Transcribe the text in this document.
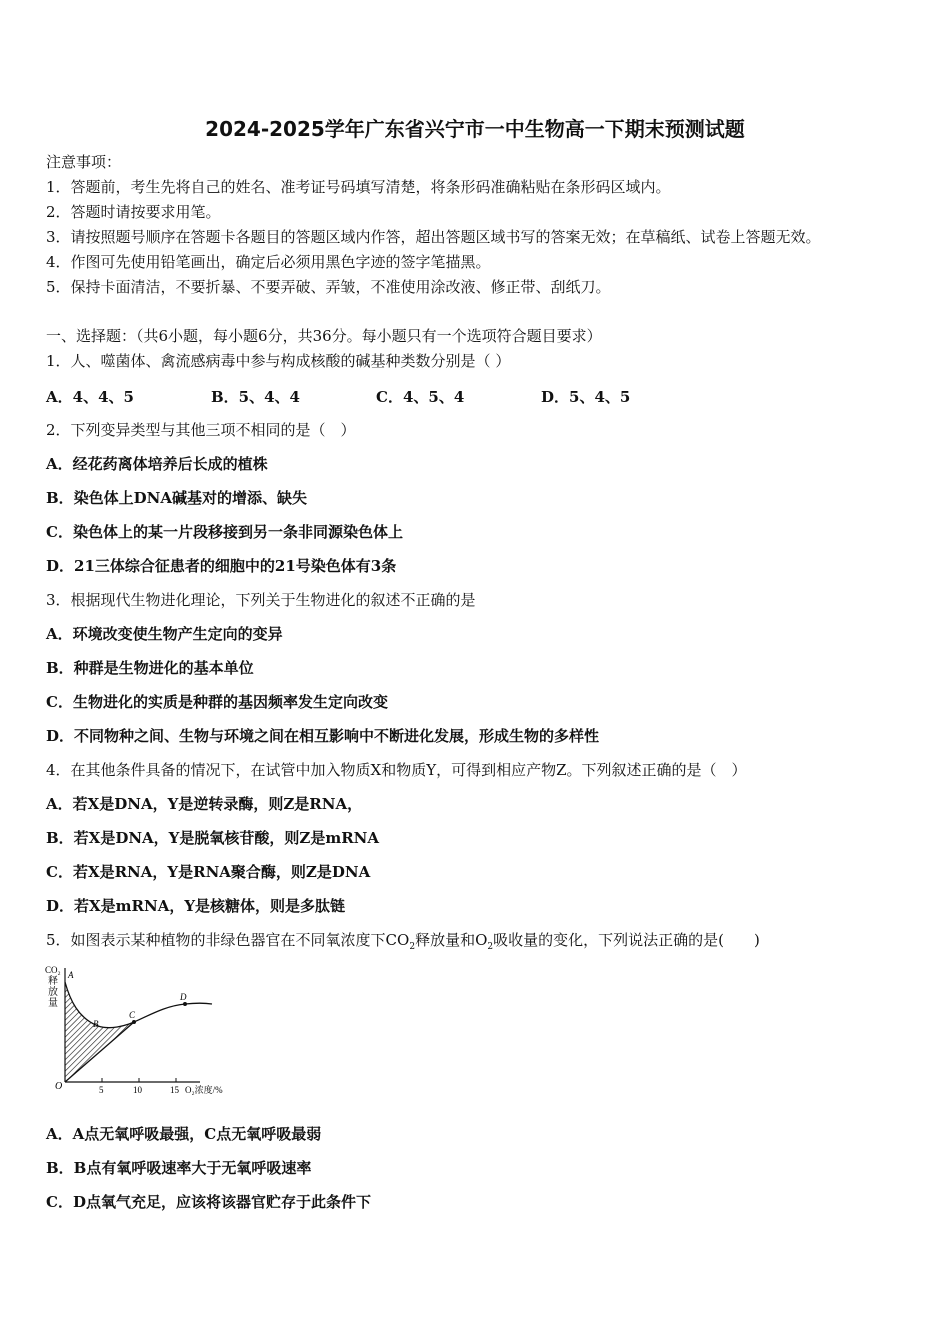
2024-2025学年广东省兴宁市一中生物高一下期末预测试题
注意事项：
1．答题前，考生先将自己的姓名、准考证号码填写清楚，将条形码准确粘贴在条形码区域内。
2．答题时请按要求用笔。
3．请按照题号顺序在答题卡各题目的答题区域内作答，超出答题区域书写的答案无效；在草稿纸、试卷上答题无效。
4．作图可先使用铅笔画出，确定后必须用黑色字迹的签字笔描黑。
5．保持卡面清洁，不要折暴、不要弄破、弄皱，不准使用涂改液、修正带、刮纸刀。
一、选择题：（共6小题，每小题6分，共36分。每小题只有一个选项符合题目要求）
1．人、噬菌体、禽流感病毒中参与构成核酸的碱基种类数分别是（ ）
A．4、4、5	B．5、4、4	C．4、5、4	D．5、4、5
2．下列变异类型与其他三项不相同的是（　）
A．经花药离体培养后长成的植株
B．染色体上DNA碱基对的增添、缺失
C．染色体上的某一片段移接到另一条非同源染色体上
D．21三体综合征患者的细胞中的21号染色体有3条
3．根据现代生物进化理论，下列关于生物进化的叙述不正确的是
A．环境改变使生物产生定向的变异
B．种群是生物进化的基本单位
C．生物进化的实质是种群的基因频率发生定向改变
D．不同物种之间、生物与环境之间在相互影响中不断进化发展，形成生物的多样性
4．在其他条件具备的情况下，在试管中加入物质X和物质Y，可得到相应产物Z。下列叙述正确的是（　）
A．若X是DNA，Y是逆转录酶，则Z是RNA，
B．若X是DNA，Y是脱氧核苷酸，则Z是mRNA
C．若X是RNA，Y是RNA聚合酶，则Z是DNA
D．若X是mRNA，Y是核糖体，则是多肽链
5．如图表示某种植物的非绿色器官在不同氧浓度下$CO_2$释放量和$O_2$吸收量的变化，下列说法正确的是(　　)
CO₂
释
放
量
A
B
C
D
O	5	10	15 O₂浓度/%
A．A点无氧呼吸最强，C点无氧呼吸最弱
B．B点有氧呼吸速率大于无氧呼吸速率
C．D点氧气充足，应该将该器官贮存于此条件下
